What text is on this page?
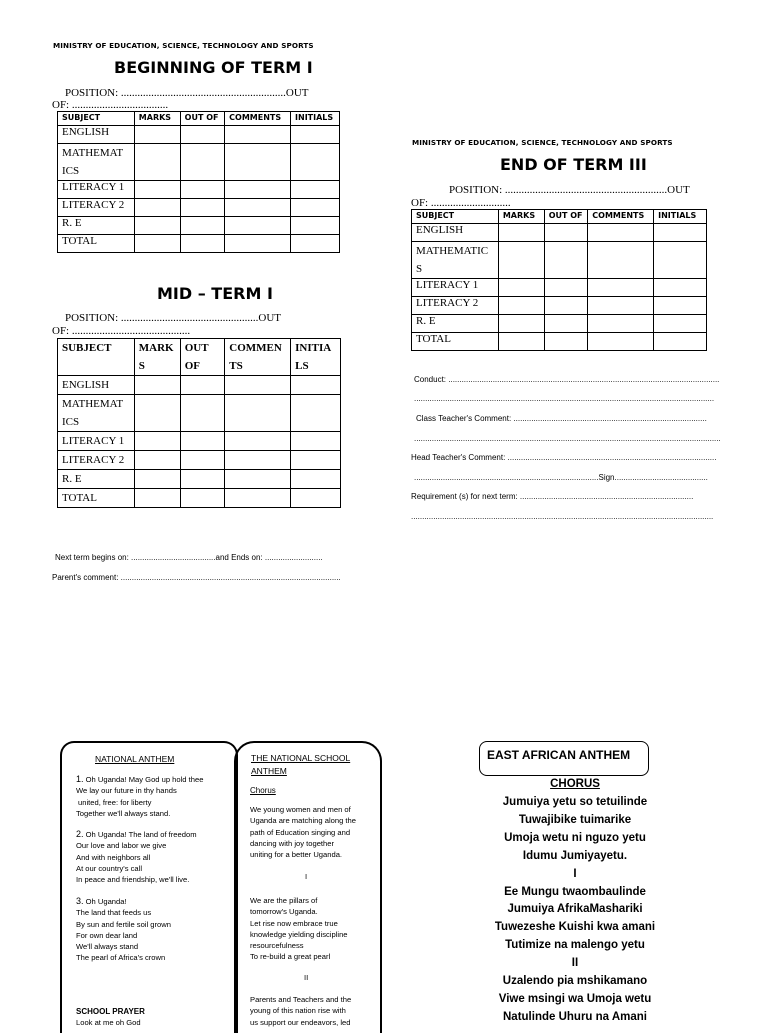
MINISTRY OF EDUCATION, SCIENCE, TECHNOLOGY AND SPORTS
BEGINNING OF TERM I
POSITION: ............................................................OUT
OF: ...................................
SUBJECT	MARKS	OUT OF	COMMENTS	INITIALS
ENGLISH				
MATHEMAT ICS				
LITERACY 1				
LITERACY 2				
R. E				
TOTAL				
MID – TERM I
POSITION: ..................................................OUT
OF: ...........................................
SUBJECT	MARK S	OUT OF	COMMEN TS	INITIA LS
ENGLISH				
MATHEMAT ICS				
LITERACY 1				
LITERACY 2				
R. E				
TOTAL				
Next term begins on: ......................................and Ends on: ..........................
Parent's comment: ...................................................................................................
MINISTRY OF EDUCATION, SCIENCE, TECHNOLOGY AND SPORTS
END OF TERM III
POSITION: ...........................................................OUT
OF: .............................
SUBJECT	MARKS	OUT OF	COMMENTS	INITIALS
ENGLISH				
MATHEMATIC S				
LITERACY 1				
LITERACY 2				
R. E				
TOTAL				
Conduct: ..........................................................................................................................
.......................................................................................................................................
Class Teacher's Comment: .......................................................................................
..........................................................................................................................................
Head Teacher's Comment: ..............................................................................................
...................................................................................Sign..........................................
Requirement (s) for next term: ..............................................................................
........................................................................................................................................
NATIONAL ANTHEM
1. Oh Uganda! May God up hold thee
We lay our future in thy hands
united, free: for liberty
Together we'll always stand.
2. Oh Uganda! The land of freedom
Our love and labor we give
And with neighbors all
At our country's call
In peace and friendship, we'll live.
3. Oh Uganda!
The land that feeds us
By sun and fertile soil grown
For own dear land
We'll always stand
The pearl of Africa's crown
SCHOOL PRAYER
Look at me oh God
THE NATIONAL SCHOOL
ANTHEM
Chorus
We young women and men of
Uganda are matching along the
path of Education singing and
dancing with joy together
uniting for a better Uganda.
I
We are the pillars of
tomorrow's Uganda.
Let rise now embrace true
knowledge yielding discipline
resourcefulness
To re-build a great pearl
II
Parents and Teachers and the
young of this nation rise with
us support our endeavors, led
EAST AFRICAN ANTHEM
CHORUS
Jumuiya yetu so tetuilinde
Tuwajibike tuimarike
Umoja wetu ni nguzo yetu
Idumu Jumiyayetu.
I
Ee Mungu twaombaulinde
Jumuiya AfrikaMashariki
Tuwezeshe Kuishi kwa amani
Tutimize na malengo yetu
II
Uzalendo pia mshikamano
Viwe msingi wa Umoja wetu
Natulinde Uhuru na Amani
